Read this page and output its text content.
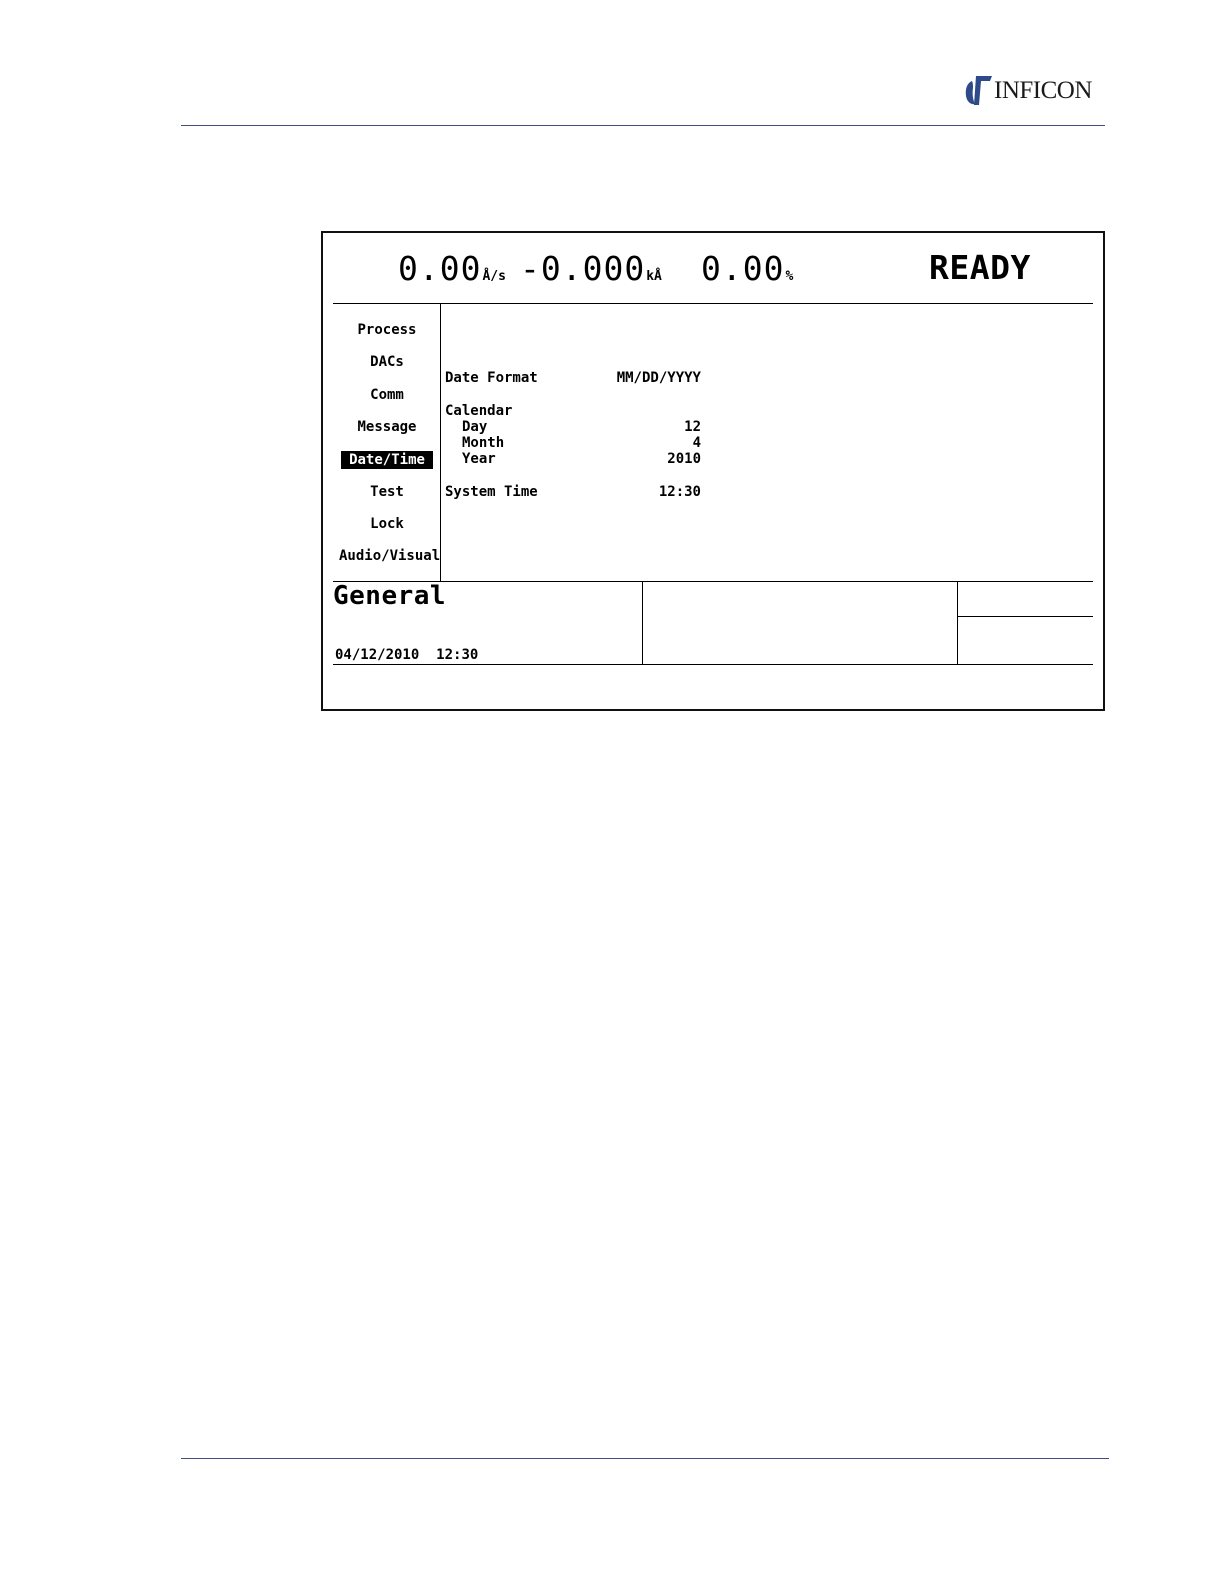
INFICON
0.00Å/s -0.000kÅ 0.00%	READY
Process
DACs
Comm
Message
Date/Time
Test
Lock
Audio/Visual
Date Format	MM/DD/YYYY
Calendar
Day	12
Month	4
Year	2010
System Time	12:30
General
04/12/2010 12:30
